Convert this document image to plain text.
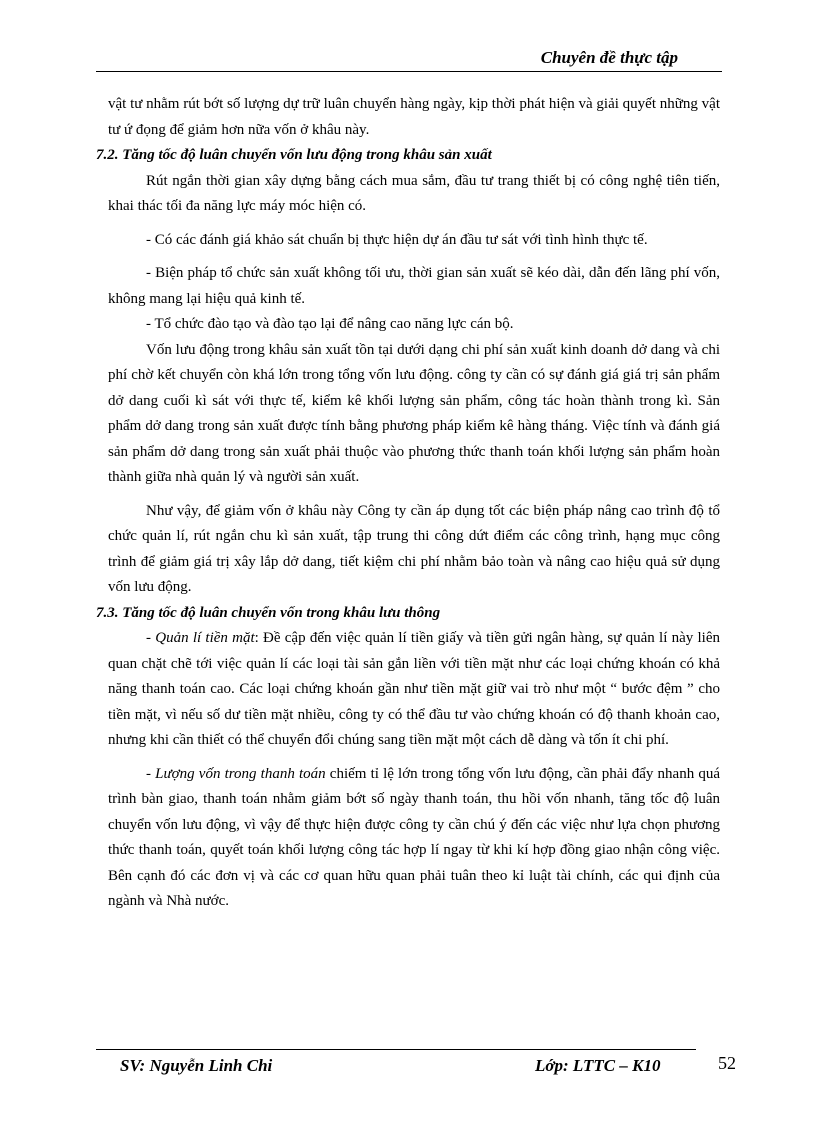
Chuyên đề thực tập

vật tư nhằm rút bớt số lượng dự trữ luân chuyển hàng ngày, kịp thời phát hiện và giải quyết những vật tư ứ đọng để giảm hơn nữa vốn ở khâu này.

7.2. Tăng tốc độ luân chuyển vốn lưu động trong khâu sản xuất

Rút ngắn thời gian xây dựng bằng cách mua sắm, đầu tư trang thiết bị có công nghệ tiên tiến, khai thác tối đa năng lực máy móc hiện có.

- Có các đánh giá khảo sát chuẩn bị thực hiện dự án đầu tư sát với tình hình thực tế.

- Biện pháp tổ chức sản xuất không tối ưu, thời gian sản xuất sẽ kéo dài, dẫn đến lãng phí vốn, không mang lại hiệu quả kinh tế.

- Tổ chức đào tạo và đào tạo lại để nâng cao năng lực cán bộ.

Vốn lưu động trong khâu sản xuất tồn tại dưới dạng chi phí sản xuất kinh doanh dở dang và chi phí chờ kết chuyển còn khá lớn trong tổng vốn lưu động. công ty cần có sự đánh giá giá trị sản phẩm dở dang cuối kì sát với thực tế, kiểm kê khối lượng sản phẩm, công tác hoàn thành trong kì. Sản phẩm dở dang trong sản xuất được tính bằng phương pháp kiểm kê hàng tháng. Việc tính và đánh giá sản phẩm dở dang trong sản xuất phải thuộc vào phương thức thanh toán khối lượng sản phẩm hoàn thành giữa nhà quản lý và người sản xuất.

Như vậy, để giảm vốn ở khâu này Công ty cần áp dụng tốt các biện pháp nâng cao trình độ tổ chức quản lí, rút ngắn chu kì sản xuất, tập trung thi công dứt điểm các công trình, hạng mục công trình để giảm giá trị xây lắp dở dang, tiết kiệm chi phí nhằm bảo toàn và nâng cao hiệu quả sử dụng vốn lưu động.

7.3. Tăng tốc độ luân chuyển vốn trong khâu lưu thông

- Quản lí tiền mặt: Đề cập đến việc quản lí tiền giấy và tiền gửi ngân hàng, sự quản lí này liên quan chặt chẽ tới việc quản lí các loại tài sản gắn liền với tiền mặt như các loại chứng khoán có khả năng thanh toán cao. Các loại chứng khoán gần như tiền mặt giữ vai trò như một “ bước đệm ” cho tiền mặt, vì nếu số dư tiền mặt nhiều, công ty có thể đầu tư vào chứng khoán có độ thanh khoản cao, nhưng khi cần thiết có thể chuyển đổi chúng sang tiền mặt một cách dễ dàng và tốn ít chi phí.

- Lượng vốn trong thanh toán chiếm tỉ lệ lớn trong tổng vốn lưu động, cần phải đẩy nhanh quá trình bàn giao, thanh toán nhằm giảm bớt số ngày thanh toán, thu hồi vốn nhanh, tăng tốc độ luân chuyển vốn lưu động, vì vậy để thực hiện được công ty cần chú ý đến các việc như lựa chọn phương thức thanh toán, quyết toán khối lượng công tác hợp lí ngay từ khi kí hợp đồng giao nhận công việc. Bên cạnh đó các đơn vị và các cơ quan hữu quan phải tuân theo kỉ luật tài chính, các qui định của ngành và Nhà nước.

SV: Nguyễn Linh Chi	Lớp: LTTC – K10	52
